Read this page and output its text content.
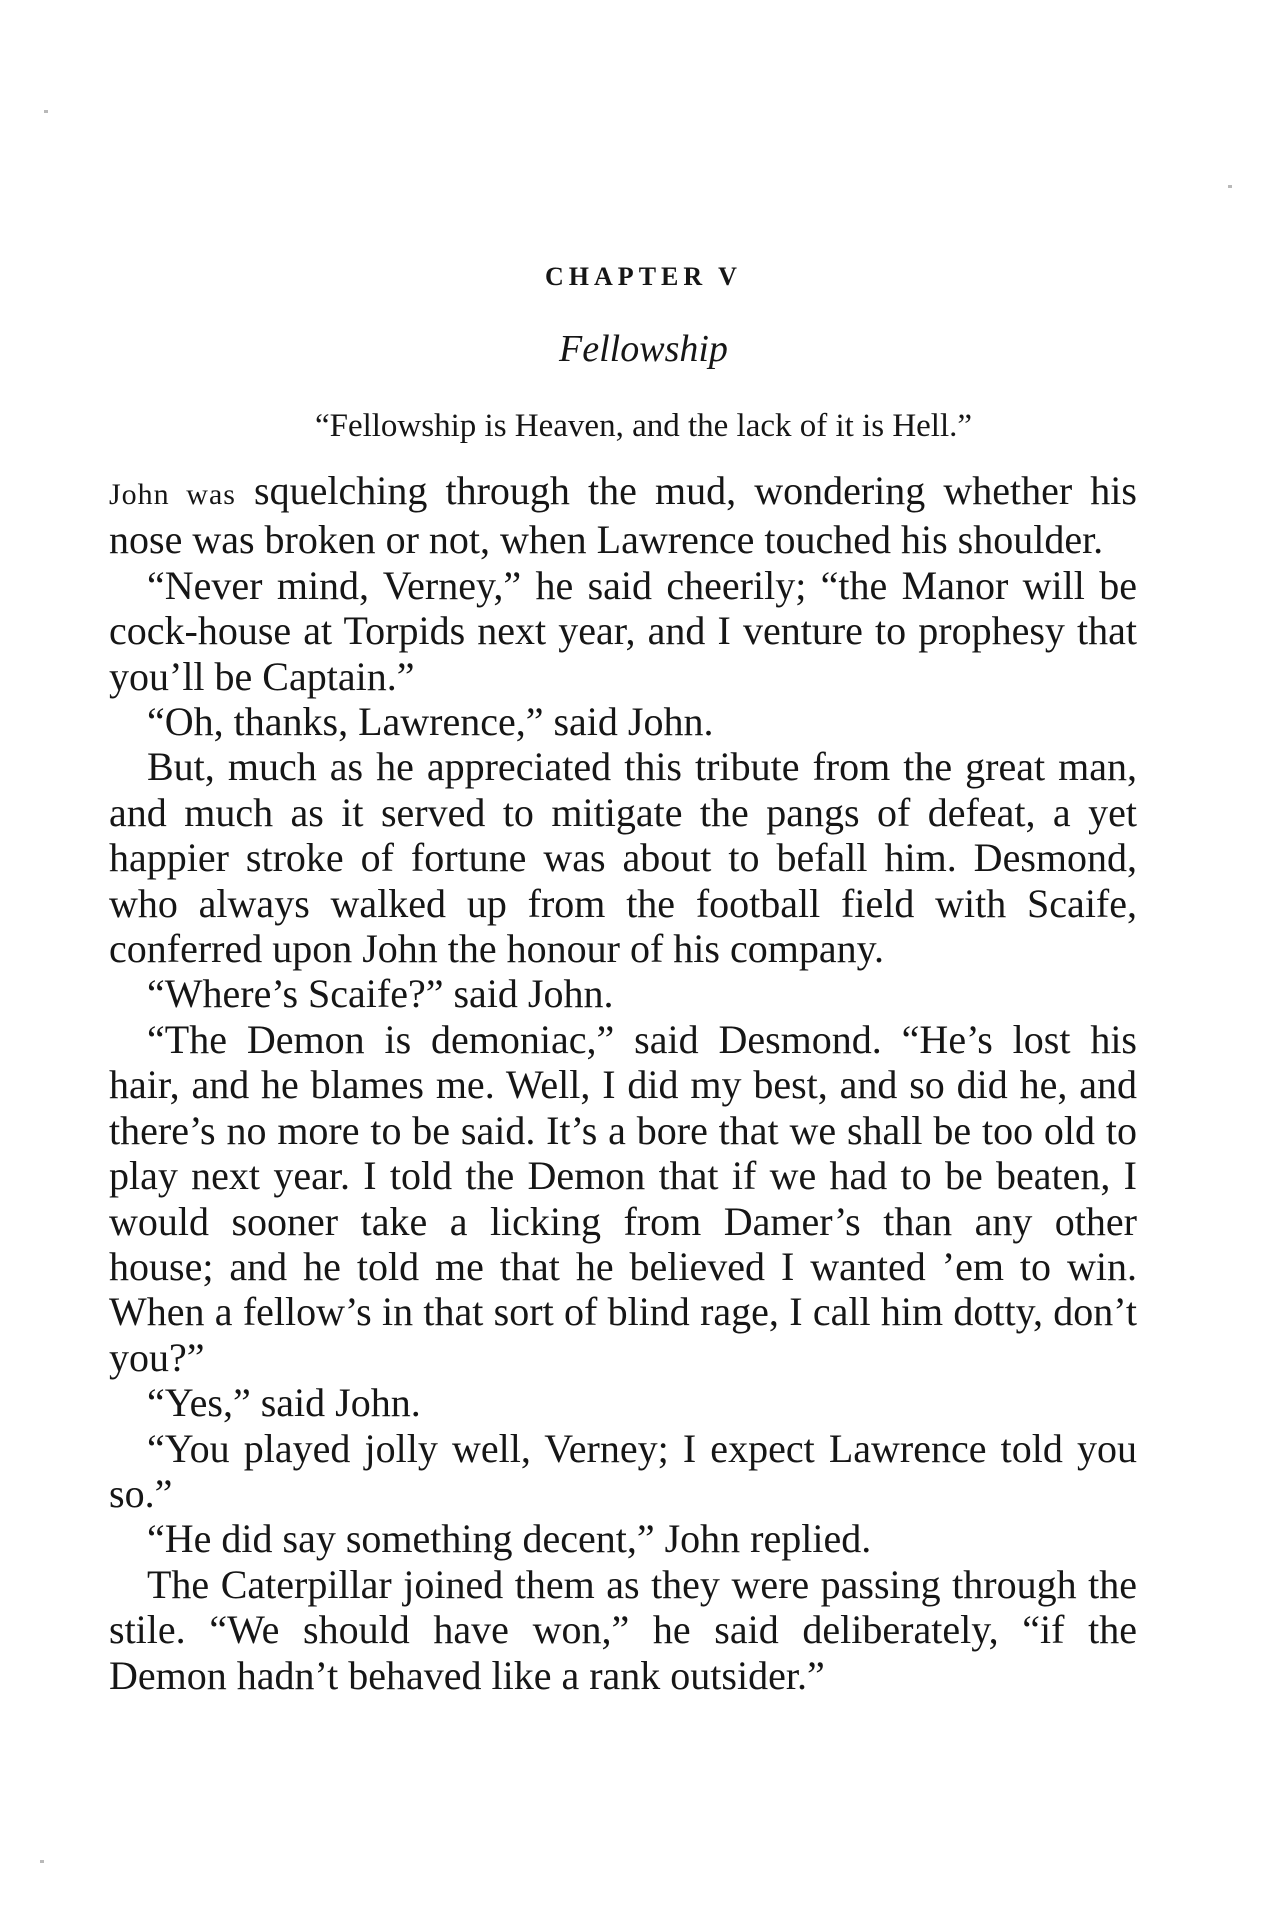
CHAPTER V
Fellowship
“Fellowship is Heaven, and the lack of it is Hell.”

John was squelching through the mud, wondering whether his nose was broken or not, when Lawrence touched his shoulder.

“Never mind, Verney,” he said cheerily; “the Manor will be cock-house at Torpids next year, and I venture to prophesy that you’ll be Captain.”

“Oh, thanks, Lawrence,” said John.

But, much as he appreciated this tribute from the great man, and much as it served to mitigate the pangs of defeat, a yet happier stroke of fortune was about to befall him. Desmond, who always walked up from the football field with Scaife, conferred upon John the honour of his company.

“Where’s Scaife?” said John.

“The Demon is demoniac,” said Desmond. “He’s lost his hair, and he blames me. Well, I did my best, and so did he, and there’s no more to be said. It’s a bore that we shall be too old to play next year. I told the Demon that if we had to be beaten, I would sooner take a licking from Damer’s than any other house; and he told me that he believed I wanted ’em to win. When a fellow’s in that sort of blind rage, I call him dotty, don’t you?”

“Yes,” said John.

“You played jolly well, Verney; I expect Lawrence told you so.”

“He did say something decent,” John replied.

The Caterpillar joined them as they were passing through the stile. “We should have won,” he said deliberately, “if the Demon hadn’t behaved like a rank outsider.”
